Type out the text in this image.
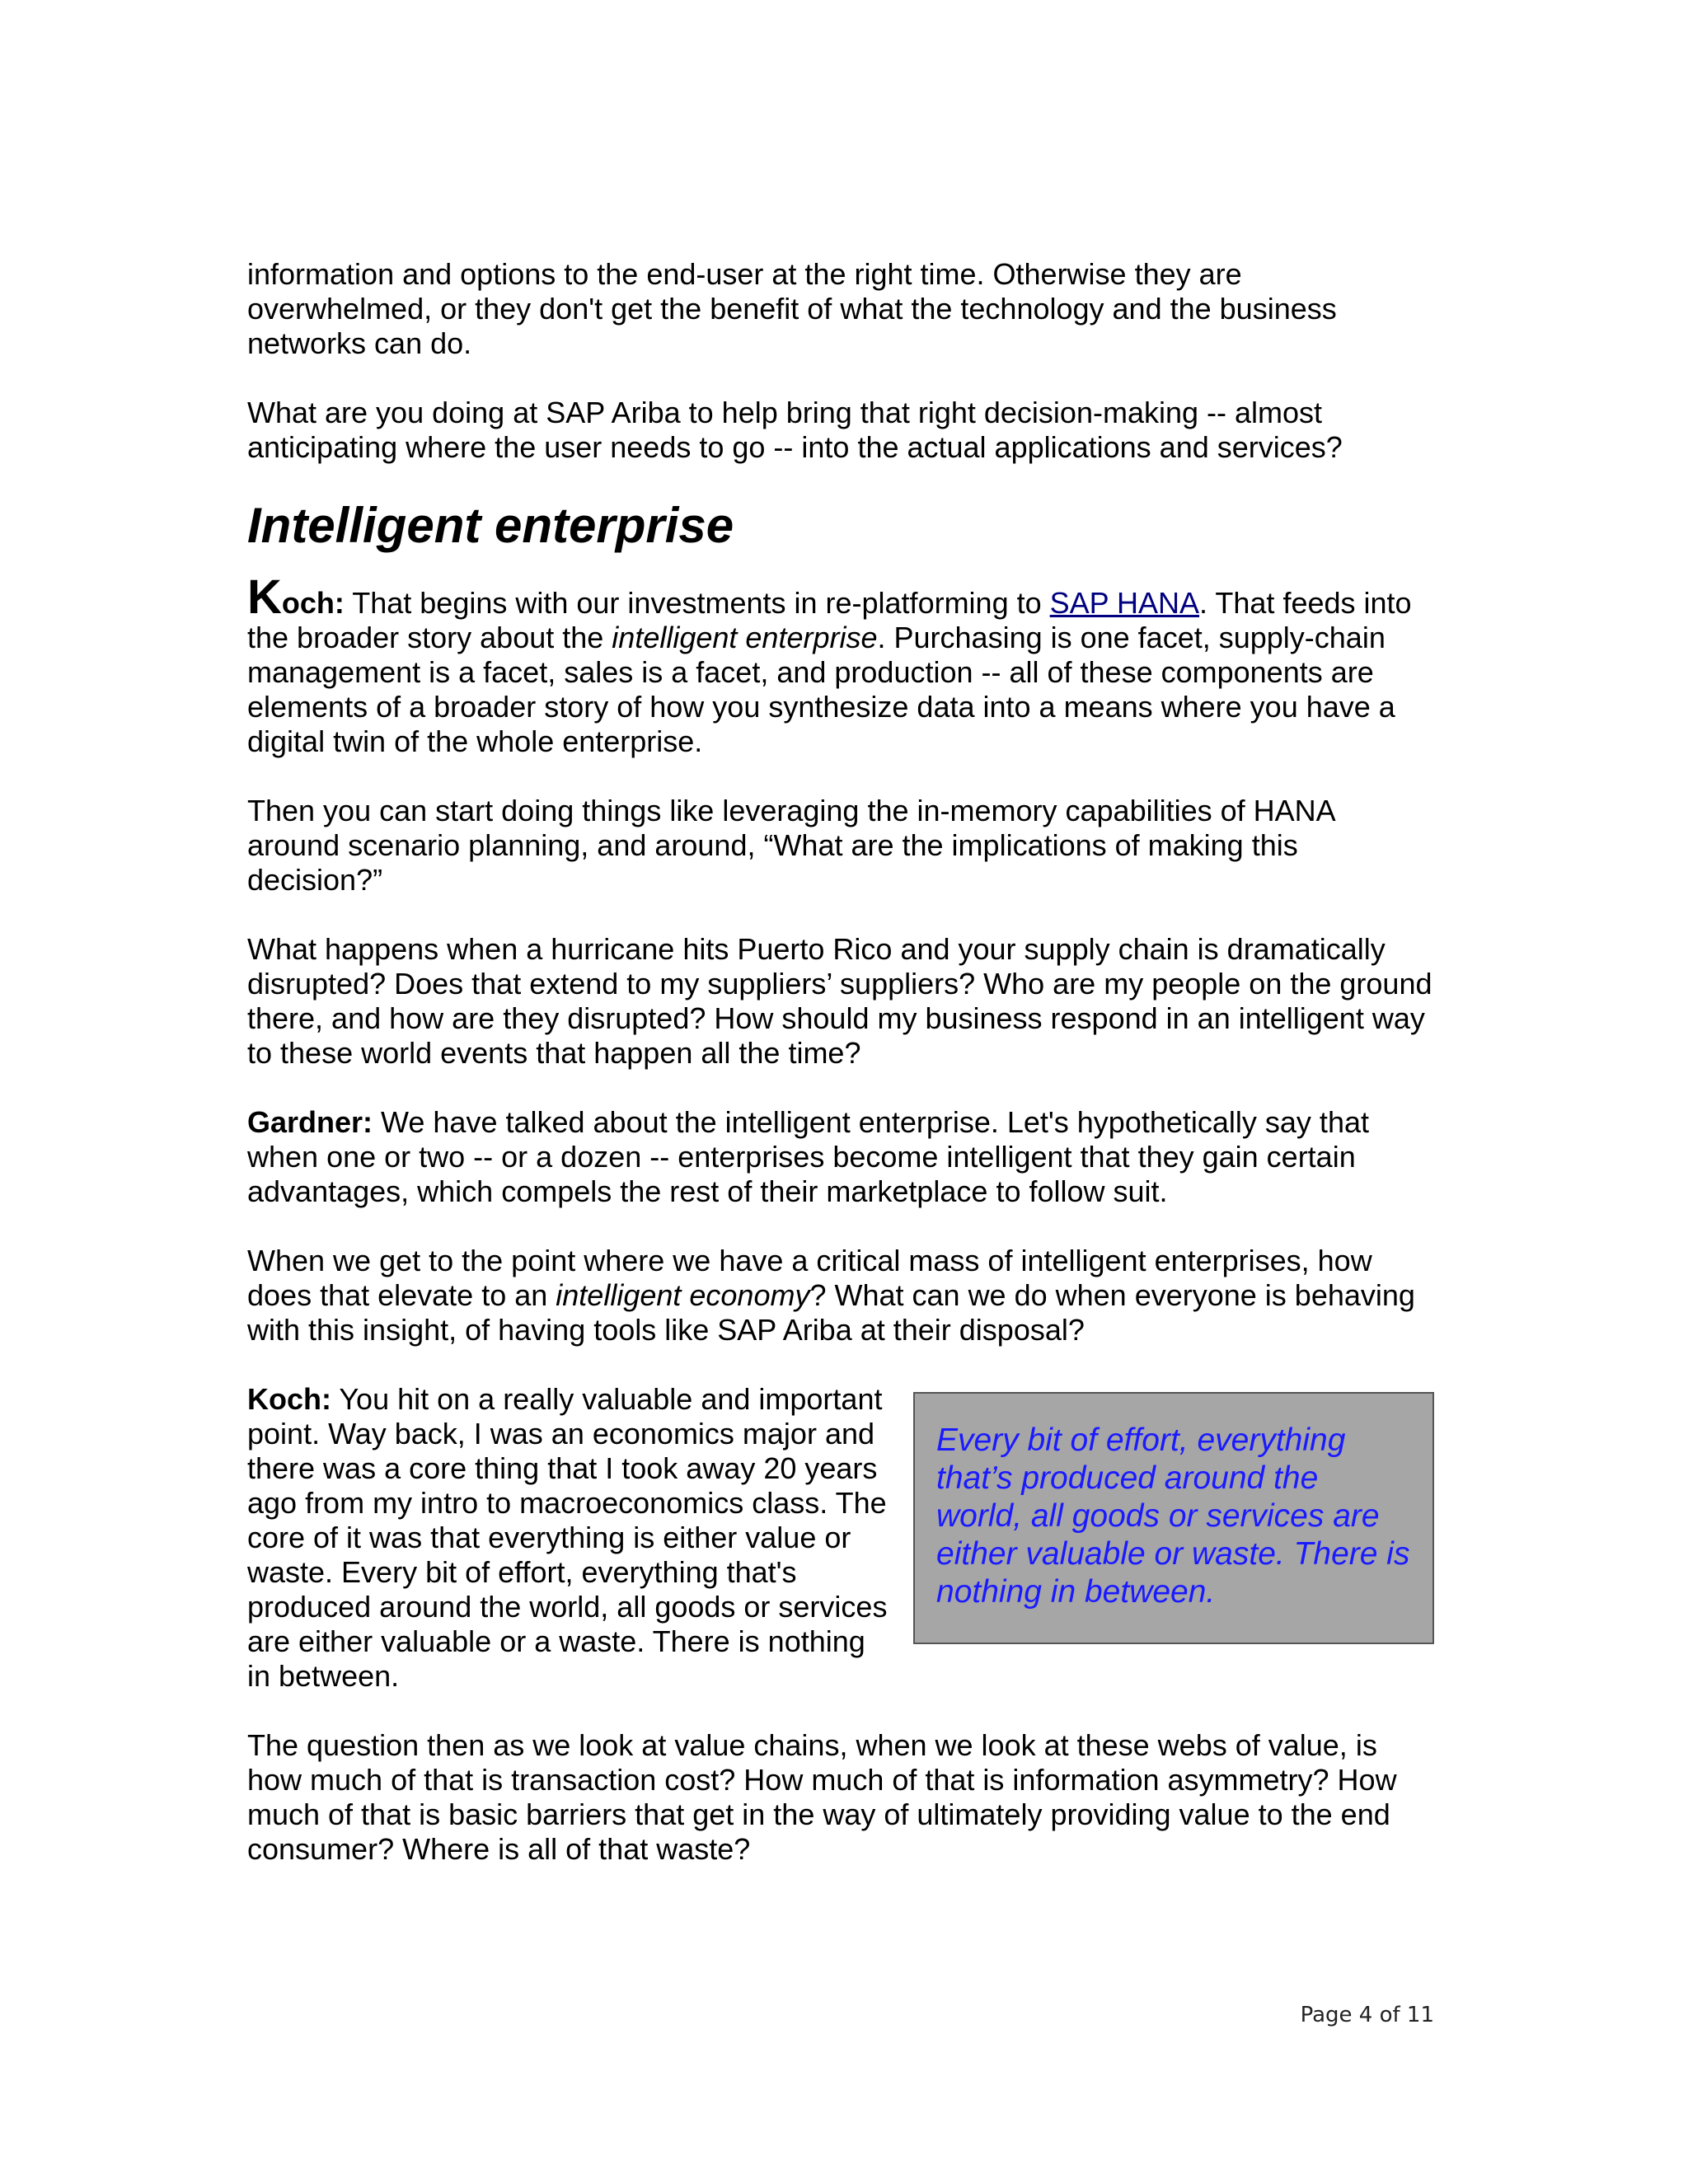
information and options to the end-user at the right time. Otherwise they are overwhelmed, or they don't get the benefit of what the technology and the business networks can do.

What are you doing at SAP Ariba to help bring that right decision-making -- almost anticipating where the user needs to go -- into the actual applications and services?

Intelligent enterprise

Koch: That begins with our investments in re-platforming to SAP HANA. That feeds into the broader story about the intelligent enterprise. Purchasing is one facet, supply-chain management is a facet, sales is a facet, and production -- all of these components are elements of a broader story of how you synthesize data into a means where you have a digital twin of the whole enterprise.

Then you can start doing things like leveraging the in-memory capabilities of HANA around scenario planning, and around, “What are the implications of making this decision?”

What happens when a hurricane hits Puerto Rico and your supply chain is dramatically disrupted? Does that extend to my suppliers’ suppliers? Who are my people on the ground there, and how are they disrupted? How should my business respond in an intelligent way to these world events that happen all the time?

Gardner: We have talked about the intelligent enterprise. Let's hypothetically say that when one or two -- or a dozen -- enterprises become intelligent that they gain certain advantages, which compels the rest of their marketplace to follow suit.

When we get to the point where we have a critical mass of intelligent enterprises, how does that elevate to an intelligent economy? What can we do when everyone is behaving with this insight, of having tools like SAP Ariba at their disposal?

Every bit of effort, everything that’s produced around the world, all goods or services are either valuable or waste. There is nothing in between.

Koch: You hit on a really valuable and important point. Way back, I was an economics major and there was a core thing that I took away 20 years ago from my intro to macroeconomics class. The core of it was that everything is either value or waste. Every bit of effort, everything that's produced around the world, all goods or services are either valuable or a waste. There is nothing in between.

The question then as we look at value chains, when we look at these webs of value, is how much of that is transaction cost? How much of that is information asymmetry? How much of that is basic barriers that get in the way of ultimately providing value to the end consumer? Where is all of that waste?

Page 4 of 11
